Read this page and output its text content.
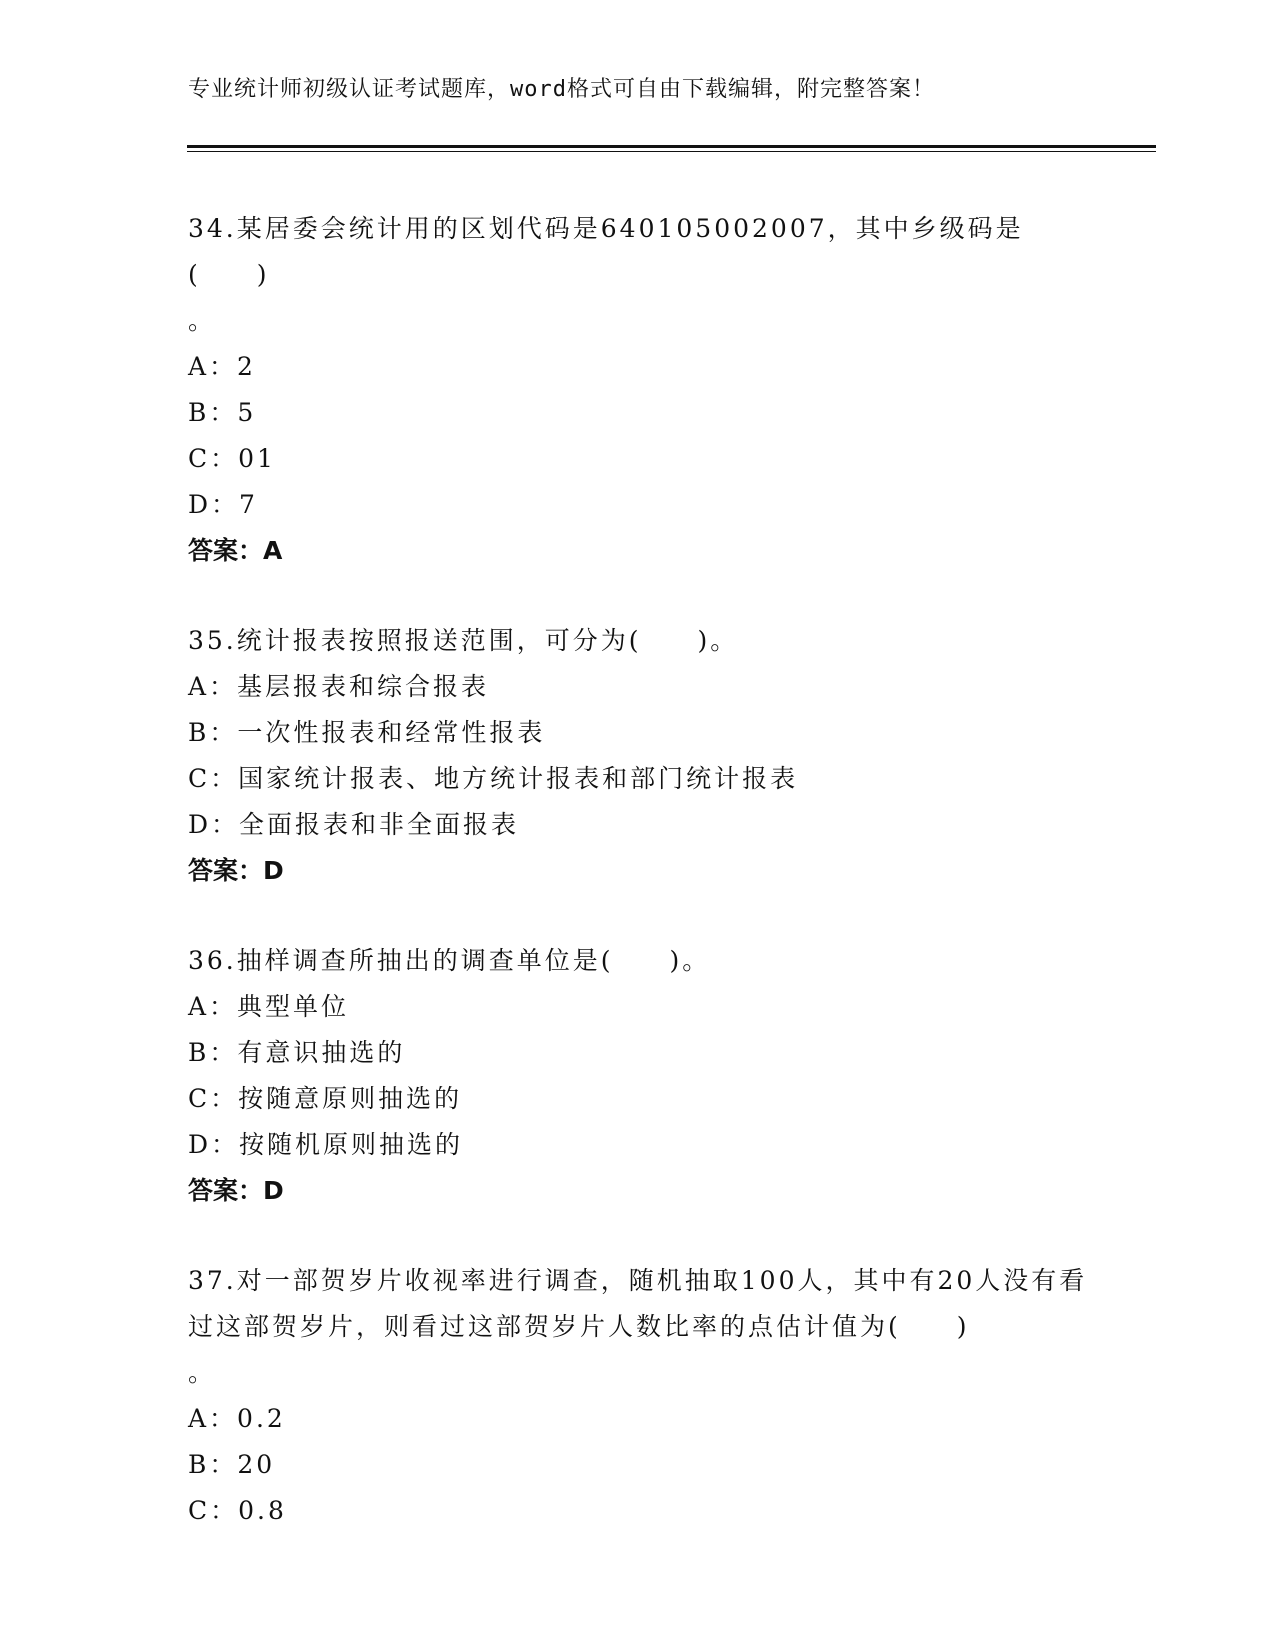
专业统计师初级认证考试题库，word格式可自由下载编辑，附完整答案！

34.某居委会统计用的区划代码是640105002007，其中乡级码是(　　)

。

A：2

B：5

C：01

D：7

答案：A

35.统计报表按照报送范围，可分为(　　)。

A：基层报表和综合报表

B：一次性报表和经常性报表

C：国家统计报表、地方统计报表和部门统计报表

D：全面报表和非全面报表

答案：D

36.抽样调查所抽出的调查单位是(　　)。

A：典型单位

B：有意识抽选的

C：按随意原则抽选的

D：按随机原则抽选的

答案：D

37.对一部贺岁片收视率进行调查，随机抽取100人，其中有20人没有看过这部贺岁片，则看过这部贺岁片人数比率的点估计值为(　　)

。

A：0.2

B：20

C：0.8
